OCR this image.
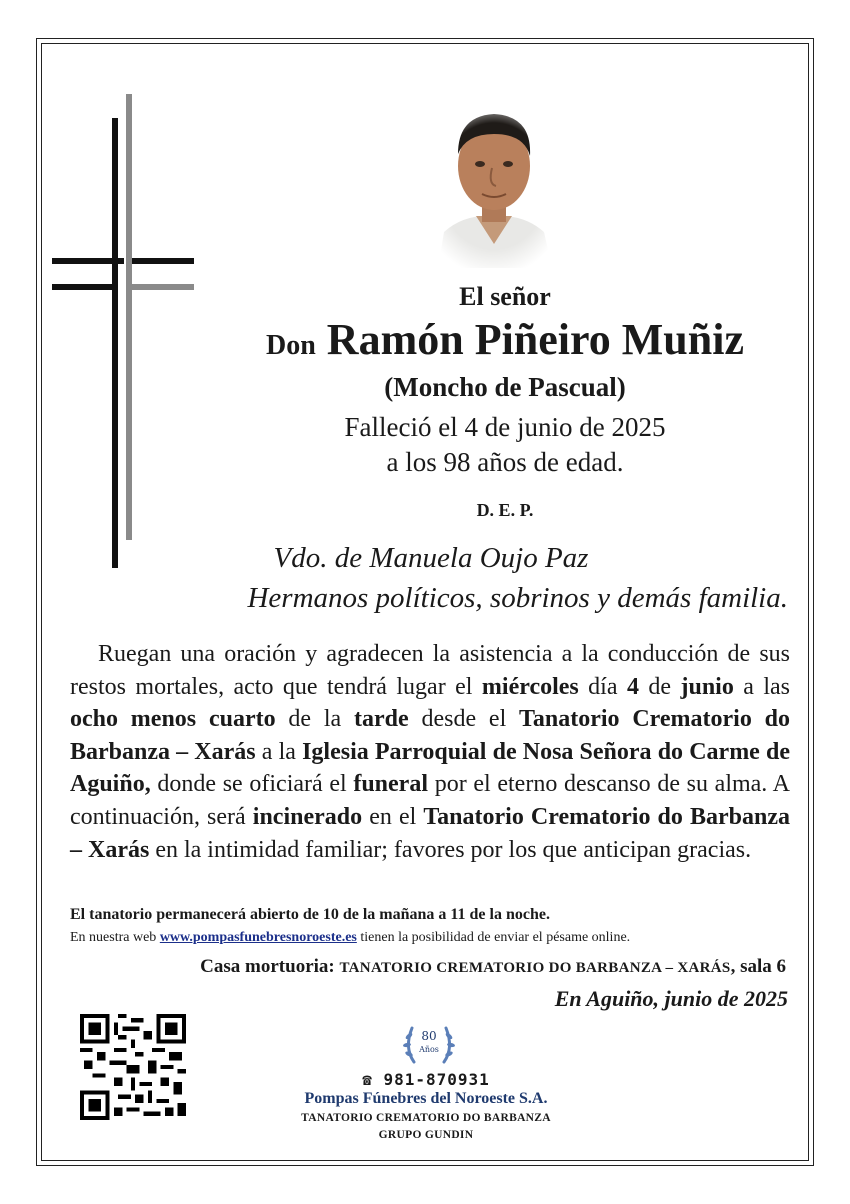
El señor
Don Ramón Piñeiro Muñiz
(Moncho de Pascual)
Falleció el 4 de junio de 2025
a los 98 años de edad.
D. E. P.
Vdo. de Manuela Oujo Paz
Hermanos políticos, sobrinos y demás familia.

Ruegan una oración y agradecen la asistencia a la conducción de sus restos mortales, acto que tendrá lugar el miércoles día 4 de junio a las ocho menos cuarto de la tarde desde el Tanatorio Crematorio do Barbanza – Xarás a la Iglesia Parroquial de Nosa Señora do Carme de Aguiño, donde se oficiará el funeral por el eterno descanso de su alma. A continuación, será incinerado en el Tanatorio Crematorio do Barbanza – Xarás en la intimidad familiar; favores por los que anticipan gracias.

El tanatorio permanecerá abierto de 10 de la mañana a 11 de la noche.
En nuestra web www.pompasfunebresnoroeste.es tienen la posibilidad de enviar el pésame online.
Casa mortuoria: TANATORIO CREMATORIO DO BARBANZA – XARÁS, sala 6
En Aguiño, junio de 2025
80
Años
☎ 981-870931
Pompas Fúnebres del Noroeste S.A.
TANATORIO CREMATORIO DO BARBANZA
GRUPO GUNDIN
